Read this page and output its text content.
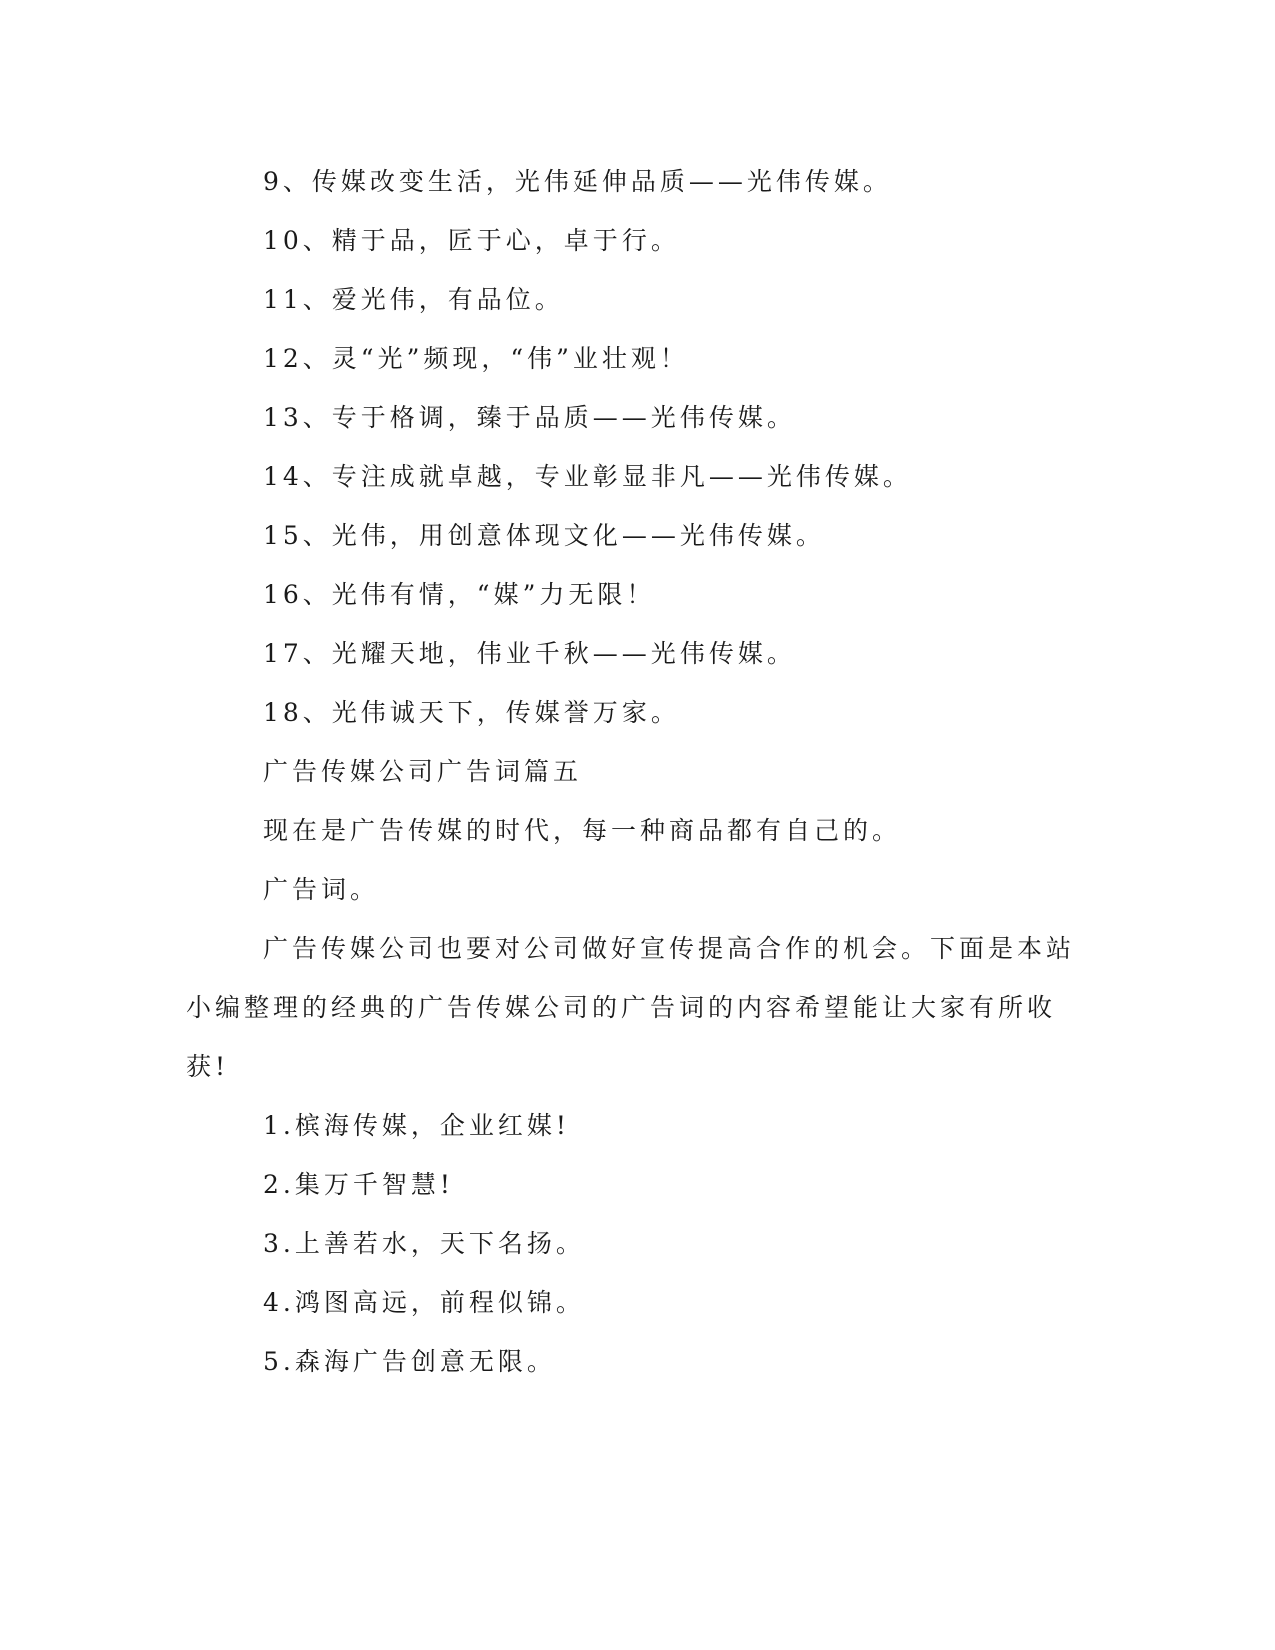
9、传媒改变生活，光伟延伸品质——光伟传媒。
10、精于品，匠于心，卓于行。
11、爱光伟，有品位。
12、灵“光”频现，“伟”业壮观！
13、专于格调，臻于品质——光伟传媒。
14、专注成就卓越，专业彰显非凡——光伟传媒。
15、光伟，用创意体现文化——光伟传媒。
16、光伟有情，“媒”力无限！
17、光耀天地，伟业千秋——光伟传媒。
18、光伟诚天下，传媒誉万家。
广告传媒公司广告词篇五
现在是广告传媒的时代，每一种商品都有自己的。
广告词。
广告传媒公司也要对公司做好宣传提高合作的机会。下面是本站
小编整理的经典的广告传媒公司的广告词的内容希望能让大家有所收
获!
1.槟海传媒，企业红媒!
2.集万千智慧!
3.上善若水，天下名扬。
4.鸿图高远，前程似锦。
5.森海广告创意无限。
